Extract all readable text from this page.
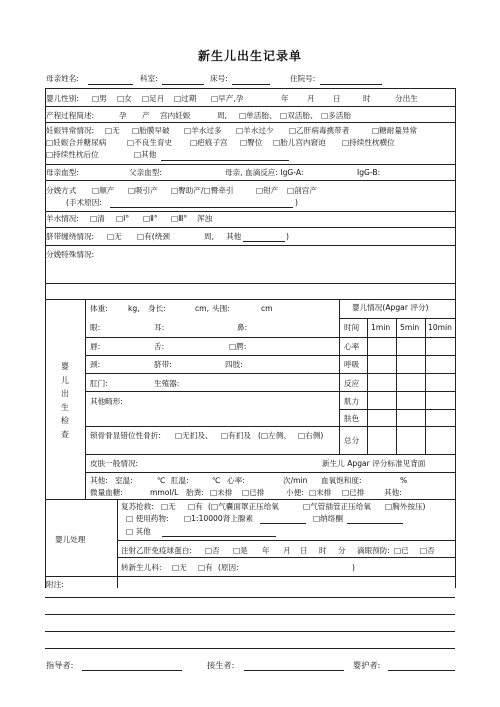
新生儿出生记录单
母亲姓名:	科室:	床号:	住院号:
婴儿性别: □男 □女 □足月 □过期 □早产,孕	年 月 日	时	分出生
产程过程简述:	孕 产 宫内妊娠	周, □单活胎、 □双活胎、 □多活胎
妊娠异常情况: □无 □胎膜早破 □羊水过多 □羊水过少 □乙肝病毒携带者	□糖耐量异常
□妊娠合并糖尿病	□不良生育史 □疤痕子宫 □臀位 □胎儿宫内窘迫 □持续性枕横位
□持续性枕后位	□其他
母亲血型:	父亲血型:	母亲, 血滴反应: IgG-A:	IgG-B:
分娩方式 □顺产 □吸引产 □臀助产/□臀牵引	□钳产 □剖宫产
(手术原因:	)
羊水情况: □清 □Ⅰ° □Ⅱ° □Ⅲ° 浑浊
脐带缠绕情况: □无 □有(绕颈	周, 其他	)
分娩特殊情况:
婴儿出生检查
婴儿情况(Apgar 评分)
时间 1min 5min 10min
心率
呼吸
反应
肌力
肤色
总分
体重:	kg, 身长:	cm, 头围:	cm
眼:	耳:	鼻:
唇:	舌:	□腭:
颈:	脐带:	四肢:
肛门:	生殖器:
其他畸形:
锁骨骨显错位性骨折: □无扪及、 □有扪及 (□左侧、 □右侧)
皮肤一般情况:	新生儿 Apgar 评分标准见背面
其他: 室温:	℃ 肛温:	℃ 心率:	次/min 血氧饱和度:	%
微量血糖:	mmol/L 胎粪: □未排 □已排	小便: □未排 □已排	其他:
婴儿处理
复苏抢救: □无 □有 (□气囊面罩正压给氧	□气管插管正压给氧 □胸外按压)
□ 使用药物: □1:10000肾上腺素	□纳络酮
□ 其他
注射乙肝免疫球蛋白: □否 □是 年 月 日 时 分 滴眼预防: □已 □否
转新生儿科: □无 □有 (原因:	)
附注:
指导者:	接生者:	婴护者:
